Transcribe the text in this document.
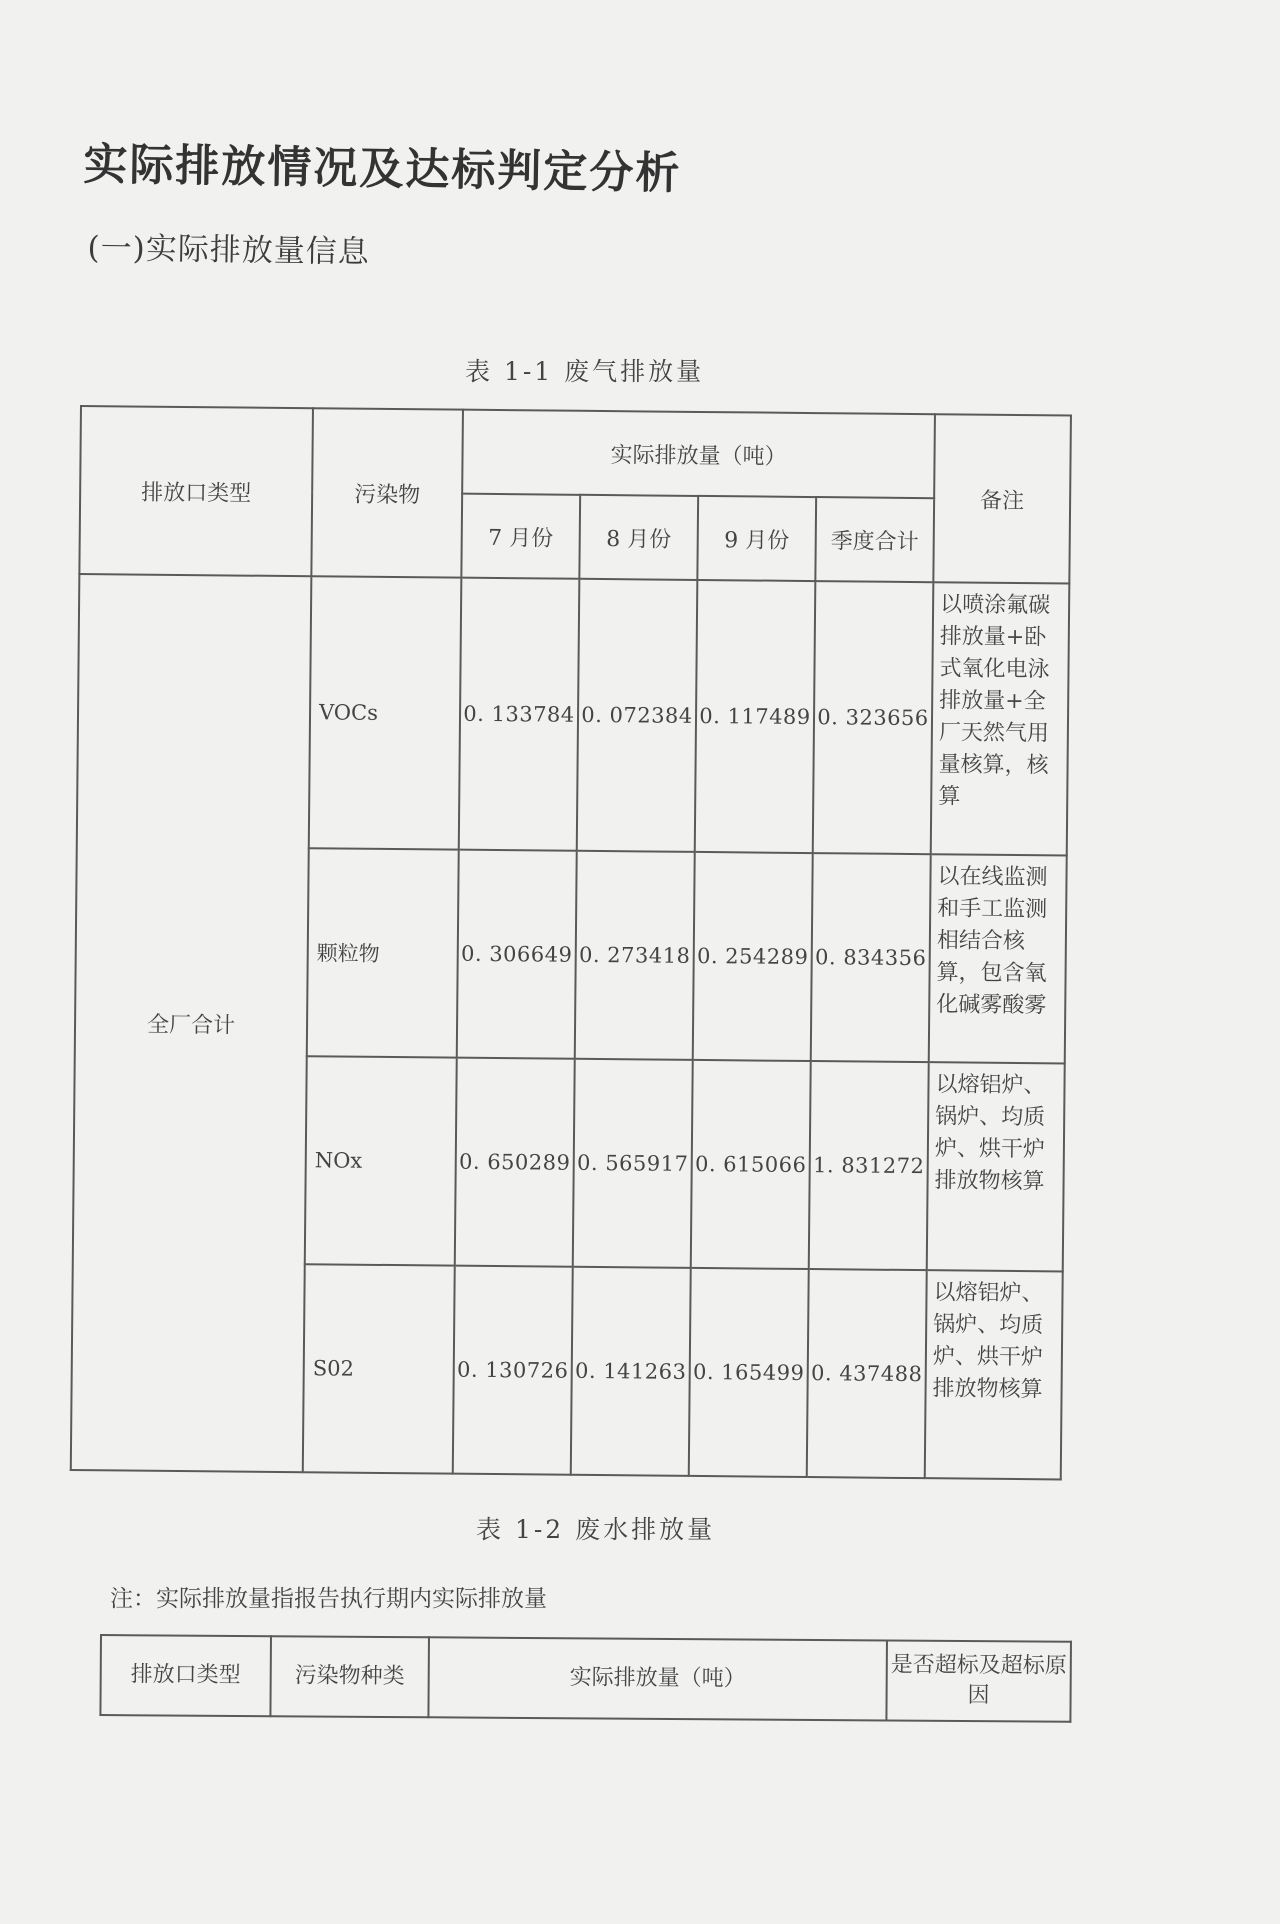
实际排放情况及达标判定分析
(一)实际排放量信息
表 1-1 废气排放量
排放口类型	污染物	实际排放量（吨）				备注
		7 月份	8 月份	9 月份	季度合计	
全厂合计	VOCs	0. 133784	0. 072384	0. 117489	0. 323656	以喷涂氟碳排放量+卧式氧化电泳排放量+全厂天然气用量核算，核算
	颗粒物	0. 306649	0. 273418	0. 254289	0. 834356	以在线监测和手工监测相结合核算，包含氧化碱雾酸雾
	NOx	0. 650289	0. 565917	0. 615066	1. 831272	以熔铝炉、锅炉、均质炉、烘干炉排放物核算
	S02	0. 130726	0. 141263	0. 165499	0. 437488	以熔铝炉、锅炉、均质炉、烘干炉排放物核算
表 1-2 废水排放量
注：实际排放量指报告执行期内实际排放量
排放口类型	污染物种类	实际排放量（吨）	是否超标及超标原因
